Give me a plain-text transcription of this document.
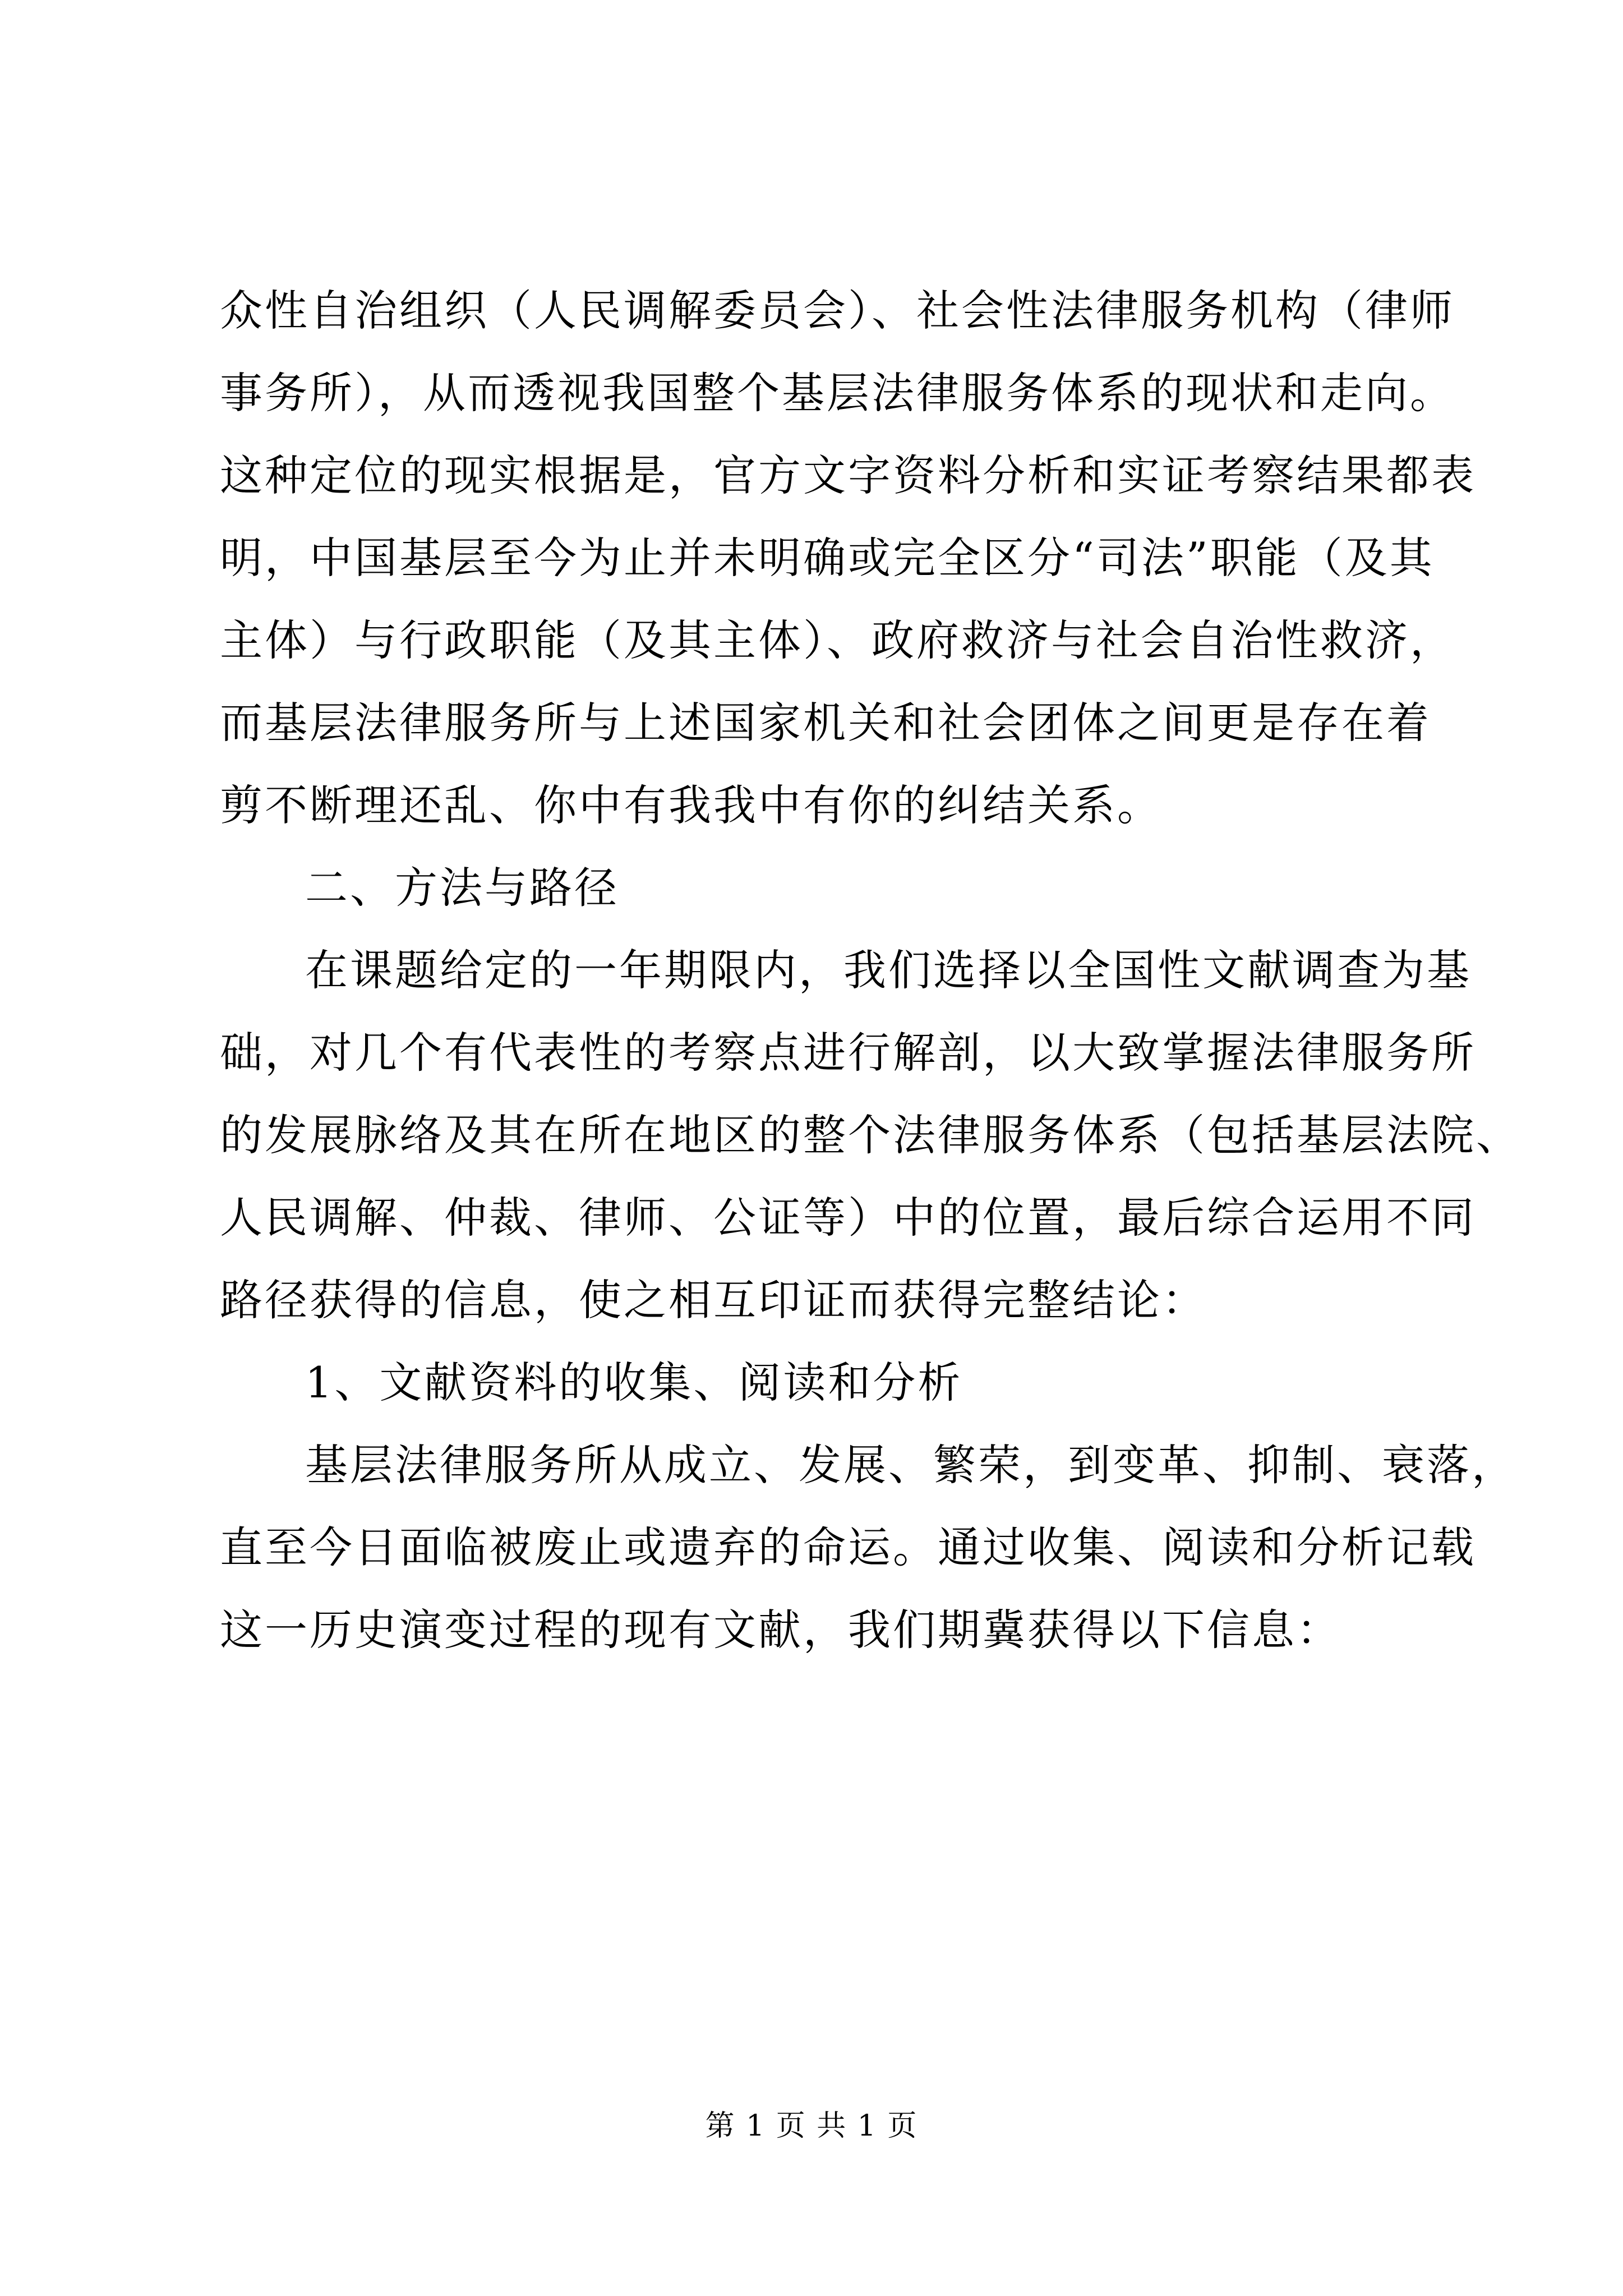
众性自治组织（人民调解委员会）、社会性法律服务机构（律师
事务所），从而透视我国整个基层法律服务体系的现状和走向。
这种定位的现实根据是，官方文字资料分析和实证考察结果都表
明，中国基层至今为止并未明确或完全区分“司法”职能（及其
主体）与行政职能（及其主体）、政府救济与社会自治性救济，
而基层法律服务所与上述国家机关和社会团体之间更是存在着
剪不断理还乱、你中有我我中有你的纠结关系。
二、方法与路径
在课题给定的一年期限内，我们选择以全国性文献调查为基
础，对几个有代表性的考察点进行解剖，以大致掌握法律服务所
的发展脉络及其在所在地区的整个法律服务体系（包括基层法院、
人民调解、仲裁、律师、公证等）中的位置，最后综合运用不同
路径获得的信息，使之相互印证而获得完整结论：
1、文献资料的收集、阅读和分析
基层法律服务所从成立、发展、繁荣，到变革、抑制、衰落，
直至今日面临被废止或遗弃的命运。通过收集、阅读和分析记载
这一历史演变过程的现有文献，我们期冀获得以下信息：
第 1 页 共 1 页
